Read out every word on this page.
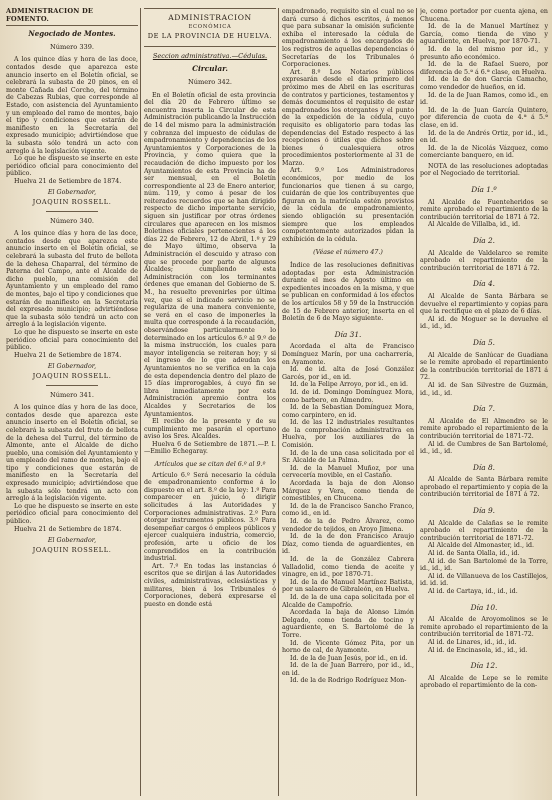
ADMINISTRACION DE FOMENTO.

Negociado de Montes.

Número 339.

A los quince días y hora de las doce, contados desde que aparezca este anuncio inserto en el Boletín oficial, se celebrará la subasta de 20 pinos, en el monte Cañada del Corcho, del término de Cabezas Rubias, que corresponde al Estado, con asistencia del Ayuntamiento y un empleado del ramo de montes, bajo el tipo y condiciones que estarán de manifiesto en la Secretaría del expresado municipio; advirtiéndose que la subasta sólo tendrá un acto con arreglo á la legislación vigente.

Lo que he dispuesto se inserte en este periódico oficial para conocimiento del público.

Huelva 21 de Setiembre de 1874.

El Gobernador,

JOAQUIN ROSSELL.

Número 340.

A los quince días y hora de las doce, contados desde que aparezca este anuncio inserto en el Boletín oficial, se celebrará la subasta del fruto de bellota de la dehesa Chaparral, del término de Paterna del Campo, ante el Alcalde de dicho pueblo, una comisión del Ayuntamiento y un empleado del ramo de montes, bajo el tipo y condiciones que estarán de manifiesto en la Secretaría del expresado municipio; advirtiéndose que la subasta sólo tendrá un acto con arreglo á la legislación vigente.

Lo que he dispuesto se inserte en este periódico oficial para conocimiento del público.

Huelva 21 de Setiembre de 1874.

El Gobernador,

JOAQUIN ROSSELL.

Número 341.

A los quince días y hora de las doce, contados desde que aparezca este anuncio inserto en el Boletín oficial, se celebrará la subasta del fruto de bellota de la dehesa del Turrul, del término de Almonte, ante el Alcalde de dicho pueblo, una comisión del Ayuntamiento y un empleado del ramo de montes, bajo el tipo y condiciones que estarán de manifiesto en la Secretaría del expresado municipio; advirtiéndose que la subasta sólo tendrá un acto con arreglo á la legislación vigente.

Lo que he dispuesto se inserte en este periódico oficial para conocimiento del público.

Huelva 21 de Setiembre de 1874.

El Gobernador,

JOAQUIN ROSSELL.

ADMINISTRACION

ECONÓMICA

DE LA PROVINCIA DE HUELVA.

Seccion administrativa.—Cédulas.

Circular.

Número 342.

En el Boletín oficial de esta provincia del día 20 de Febrero último se encuentra inserta la Circular de esta Administración publicando la Instrucción de 14 del mismo para la administración y cobranza del impuesto de cédulas de empadronamiento y dependencias de los Ayuntamientos y Corporaciones de la Provincia, y como quiera que la recaudación de dicho impuesto por los Ayuntamientos de esta Provincia ha de ser mensual, en el Boletín correspondiente al 23 de Enero anterior, núm. 119, y como á pesar de los reiterados recuerdos que se han dirigido respecto de dicho importante servicio, siguen sin justificar por otras órdenes circulares que aparecen en los mismos Boletines oficiales pertenecientes á los días 22 de Febrero, 12 de Abril, 1.º y 29 de Mayo último, observa la Administración el descuido y atraso con que se procede por parte de algunos Alcaldes; cumpliendo esta Administración con los terminantes órdenes que emanan del Gobierno de S. M., ha resuelto prevenirles por última vez, que si el indicado servicio no se regulariza de una manera conveniente, se verá en el caso de imponerles la multa que corresponde á la recaudación, observándose particularmente lo determinado en los artículos 6.º al 9.º de la misma instrucción, los cuales para mayor inteligencia se reiteran hoy; y si el ingreso de lo que adeudan los Ayuntamientos no se verifica en la caja de esta dependencia dentro del plazo de 15 días improrogables, á cuyo fin se libra inmediatamente por esta Administración apremio contra los Alcaldes y Secretarios de los Ayuntamientos.

El recibo de la presente y de su cumplimiento me pasarán el oportuno aviso los Sres. Alcaldes.

Huelva 6 de Setiembre de 1871.—P. I.—Emilio Echegaray.

Artículos que se citan del 6.º al 9.º

Artículo 6.º Será necesario la cédula de empadronamiento conforme á lo dispuesto en el art. 8.º de la ley: 1.º Para comparecer en juicio, ó dirigir solicitudes á las Autoridades y Corporaciones administrativas. 2.º Para otorgar instrumentos públicos. 3.º Para desempeñar cargos ó empleos públicos y ejercer cualquiera industria, comercio, profesión, arte u oficio de los comprendidos en la contribución industrial.

Art. 7.º En todas las instancias ó escritos que se dirijan á las Autoridades civiles, administrativas, eclesiásticas y militares, bien á los Tribunales ó Corporaciones, deberá expresarse el puesto en donde está

empadronado, requisito sin el cual no se dará curso á dichos escritos, á menos que para subsanar la omisión suficiente exhiba el interesado la cédula de empadronamiento á los encargados de los registros de aquellas dependencias ó Secretarías de los Tribunales ó Corporaciones.

Art. 8.º Los Notarios públicos expresarán desde el día primero del próximo mes de Abril en las escrituras de contratos y particiones, testamentos y demás documentos el requisito de estar empadronados los otorgantes y el punto de la expedición de la cédula, cuyo requisito es obligatorio para todas las dependencias del Estado respecto á las recepciones ó útiles que dichos sobre bienes ó cualesquiera otros procedimientos posteriormente al 31 de Marzo.

Art. 9.º Los Administradores económicos, por medio de los funcionarios que tienen á su cargo, cuidarán de que los contribuyentes que figuran en la matrícula estén provistos de la cédula de empadronamiento, siendo obligación su presentación siempre que los empleados competentemente autorizados pidan la exhibición de la cédula.

(Véase el número 47.)

Índice de las resoluciones definitivas adoptadas por esta Administración durante el mes de Agosto último en expedientes incoados en la misma, y que se publican en conformidad á los efectos de los artículos 58 y 59 de la Instrucción de 15 de Febrero anterior, inserta en el Boletín de 6 de Mayo siguiente.

Día 31.

Acordada el alta de Francisco Domínguez Marín, por una cacharrería, en Ayamonte.

Id. de id. alta de José González Garcés, por id., en id.

Id. de la Felipe Arroyo, por id., en id.

Id. de id. Domingo Domínguez Mora, como barbero, en Almendro.

Id. de la Sebastian Domínguez Mora, como carpintero, en id.

Id. de las 12 industriales resultantes de la comprobación administrativa en Huelva, por los auxiliares de la Comisión.

Id. de la de una casa solicitada por el Sr. Alcalde de La Palma.

Id. de la Manuel Muñoz, por una cervecería movible, en el Castaño.

Acordada la baja de don Alonso Márquez y Vera, como tienda de comestibles, en Chucena.

Id. de la de Francisco Sancho Franco, como id., en id.

Id. de la de Pedro Álvarez, como vendedor de tejidos, en Aroyo Jimena.

Id. de la de don Francisco Araujo Díaz, como tienda de aguardientes, en id.

Id. de la de González Cabrera Valladolid, como tienda de aceite y vinagre, en id., por 1870-71.

Id. de la de Manuel Martínez Batista, por un salaero de Gibraleón, en Huelva.

Id. de la de una capa solicitada por el Alcalde de Campofrío.

Acordada la baja de Alonso Limón Delgado, como tienda de tocino y aguardiente, en S. Bartolomé de la Torre.

Id. de Vicente Gómez Pita, por un horno de cal, de Ayamonte.

Id. de la de Juan Jesús, por id., en id.

Id. de la de Juan Barrero, por id., id., en id.

Id. de la de Rodrigo Rodríguez Mon-

je, como portador por cuenta ajena, en Chucena.

Id. de la de Manuel Martínez y García, como tienda de vino y aguardiente, en Huelva, por 1870-71.

Id. de la del mismo por id., y presunto año económico.

Id. de la de Rafael Suero, por diferencia de 5.ª á 6.ª clase, en Huelva.

Id. de la de don García Camacho, como vendedor de hueños, en id.

Id. de la de Juan Ramos, como id., en id.

Id. de la de Juan García Quintero, por diferencia de cuota de 4.ª á 5.ª clase, en id.

Id. de la de Andrés Ortiz, por id., id., en id.

Id. de la de Nicolás Vázquez, como comerciante banquero, en id.

NOTA de las resoluciones adoptadas por el Negociado de territorial.

Día 1.º

Al Alcalde de Fuenteheridos se remite aprobado el repartimiento de la contribución territorial de 1871 á 72.

Al Alcalde de Villalba, id., id.

Día 2.

Al Alcalde de Valdelarco se remite aprobado el repartimiento de la contribución territorial de 1871 á 72.

Día 4.

Al Alcalde de Santa Bárbara se devuelve el repartimiento y copias para que la rectifique en el plazo de 6 días.

Al id. de Moguer se le devuelve el id., id., id.

Día 5.

Al Alcalde de Sanlúcar de Guadiana se le remite aprobado el repartimiento de la contribución territorial de 1871 á 72.

Al id. de San Silvestre de Guzmán, id., id., id.

Día 7.

Al Alcalde de El Almendro se le remite aprobado el repartimiento de la contribución territorial de 1871-72.

Al id. de Cumbres de San Bartolomé, id., id., id.

Día 8.

Al Alcalde de Santa Bárbara remite aprobado el repartimiento y copia de la contribución territorial de 1871 á 72.

Día 9.

Al Alcalde de Calañas se le remite aprobado el repartimiento de la contribución territorial de 1871-72.

Al Alcalde del Almonaster, id., id.

Al id. de Santa Olalla, id., id.

Al id. de San Bartolomé de la Torre, id., id., id.

Al id. de Villanueva de los Castillejos, id. id. id.

Al id. de Cartaya, id., id., id.

Día 10.

Al Alcalde de Aroyomolinos se le remite aprobado el repartimiento de la contribución territorial de 1871-72.

Al id. de Linares, id., id., id.

Al id. de Encinasola, id., id., id.

Día 12.

Al Alcalde de Lepe se le remite aprobado el repartimiento de la con-
